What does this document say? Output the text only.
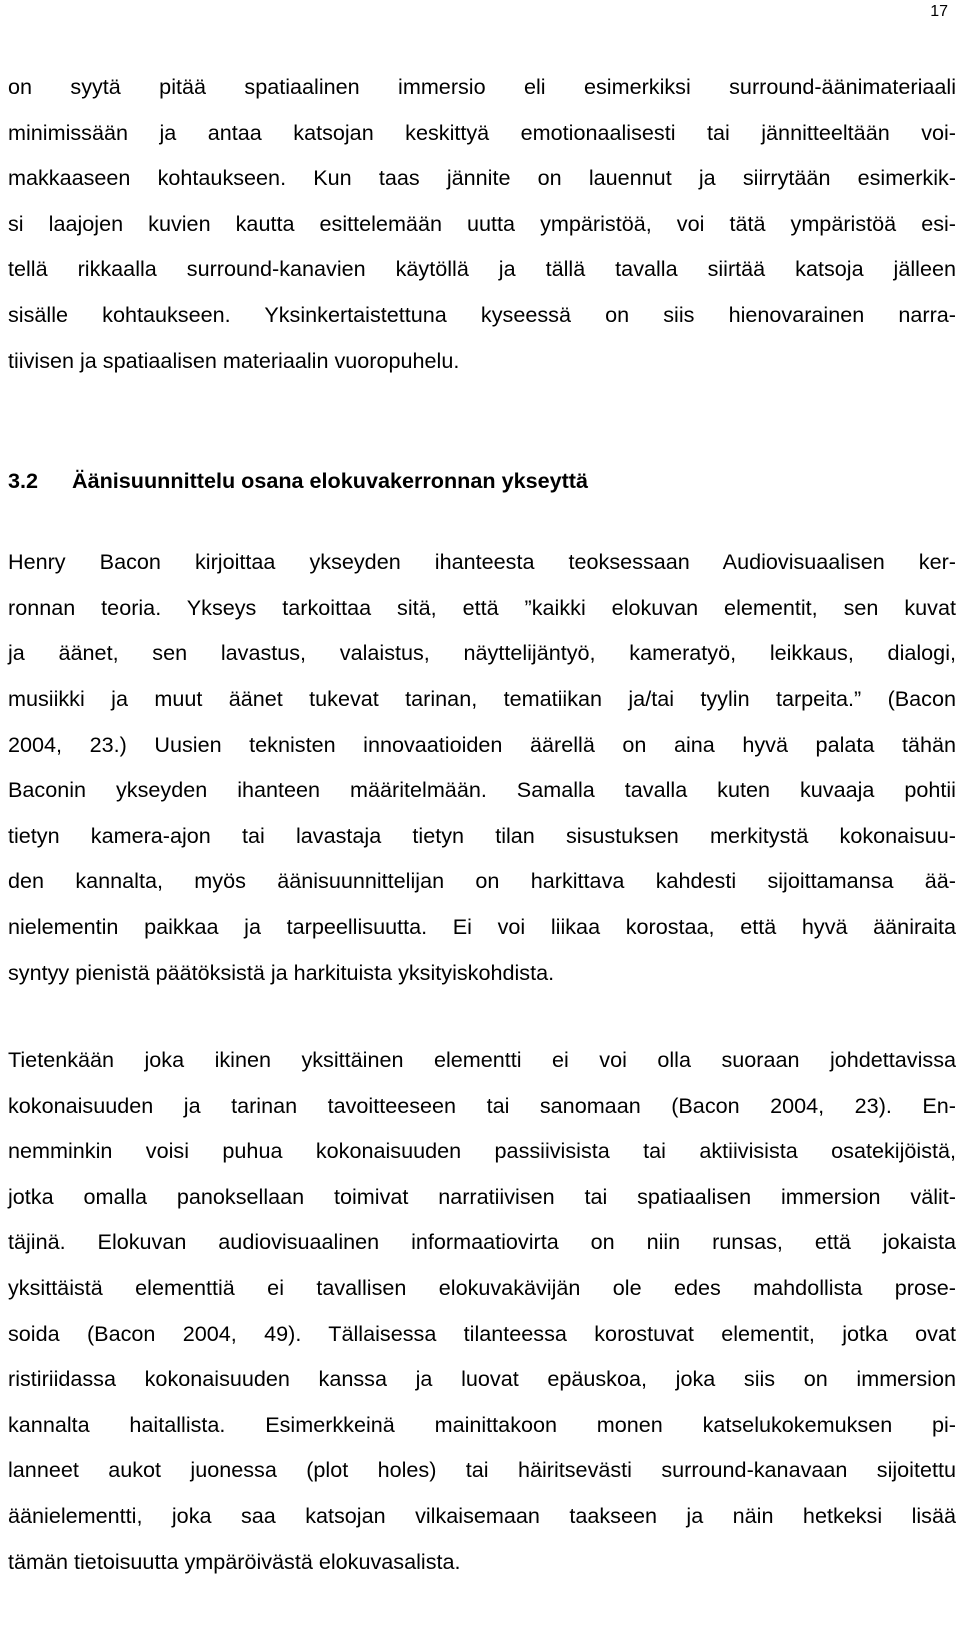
17
on syytä pitää spatiaalinen immersio eli esimerkiksi surround-äänimateriaali
minimissään ja antaa katsojan keskittyä emotionaalisesti tai jännitteeltään voi-
makkaaseen kohtaukseen. Kun taas jännite on lauennut ja siirrytään esimerkik-
si laajojen kuvien kautta esittelemään uutta ympäristöä, voi tätä ympäristöä esi-
tellä rikkaalla surround-kanavien käytöllä ja tällä tavalla siirtää katsoja jälleen
sisälle kohtaukseen. Yksinkertaistettuna kyseessä on siis hienovarainen narra-
tiivisen ja spatiaalisen materiaalin vuoropuhelu.
3.2	Äänisuunnittelu osana elokuvakerronnan ykseyttä
Henry Bacon kirjoittaa ykseyden ihanteesta teoksessaan Audiovisuaalisen ker-
ronnan teoria. Ykseys tarkoittaa sitä, että ”kaikki elokuvan elementit, sen kuvat
ja äänet, sen lavastus, valaistus, näyttelijäntyö, kameratyö, leikkaus, dialogi,
musiikki ja muut äänet tukevat tarinan, tematiikan ja/tai tyylin tarpeita.” (Bacon
2004, 23.) Uusien teknisten innovaatioiden äärellä on aina hyvä palata tähän
Baconin ykseyden ihanteen määritelmään. Samalla tavalla kuten kuvaaja pohtii
tietyn kamera-ajon tai lavastaja tietyn tilan sisustuksen merkitystä kokonaisuu-
den kannalta, myös äänisuunnittelijan on harkittava kahdesti sijoittamansa ää-
nielementin paikkaa ja tarpeellisuutta. Ei voi liikaa korostaa, että hyvä ääniraita
syntyy pienistä päätöksistä ja harkituista yksityiskohdista.
Tietenkään joka ikinen yksittäinen elementti ei voi olla suoraan johdettavissa
kokonaisuuden ja tarinan tavoitteeseen tai sanomaan (Bacon 2004, 23). En-
nemminkin voisi puhua kokonaisuuden passiivisista tai aktiivisista osatekijöistä,
jotka omalla panoksellaan toimivat narratiivisen tai spatiaalisen immersion välit-
täjinä. Elokuvan audiovisuaalinen informaatiovirta on niin runsas, että jokaista
yksittäistä elementtiä ei tavallisen elokuvakävijän ole edes mahdollista prose-
soida (Bacon 2004, 49). Tällaisessa tilanteessa korostuvat elementit, jotka ovat
ristiriidassa kokonaisuuden kanssa ja luovat epäuskoa, joka siis on immersion
kannalta haitallista. Esimerkkeinä mainittakoon monen katselukokemuksen pi-
lanneet aukot juonessa (plot holes) tai häiritsevästi surround-kanavaan sijoitettu
äänielementti, joka saa katsojan vilkaisemaan taakseen ja näin hetkeksi lisää
tämän tietoisuutta ympäröivästä elokuvasalista.
